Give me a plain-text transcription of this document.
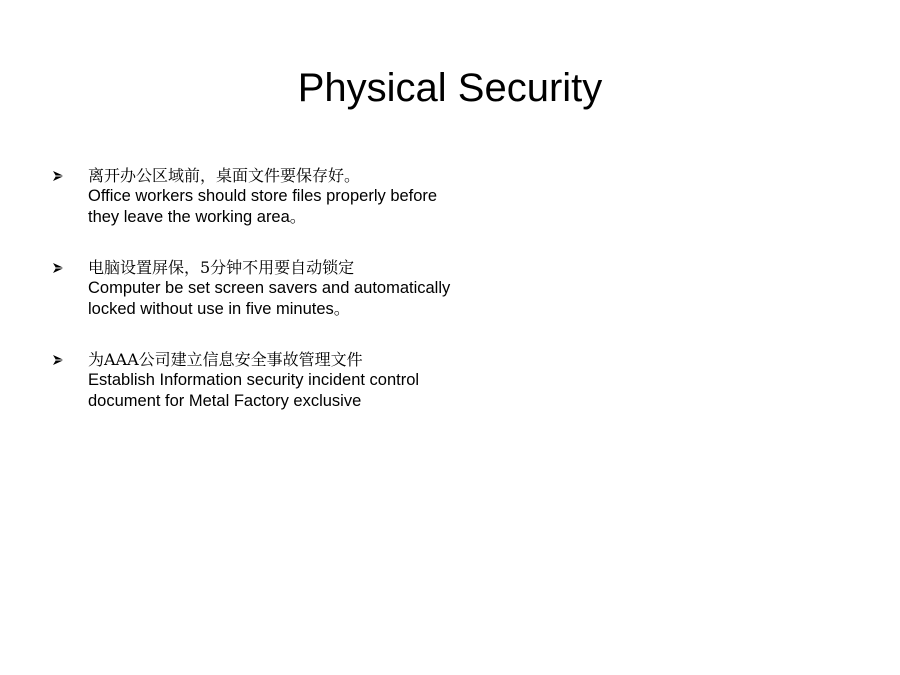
Physical Security
离开办公区域前，桌面文件要保存好。
Office workers should store files properly before they leave the working area。
电脑设置屏保，5分钟不用要自动锁定
Computer be set screen savers and automatically locked without use in five minutes。
为AAA公司建立信息安全事故管理文件
Establish Information security incident control document for Metal Factory exclusive
